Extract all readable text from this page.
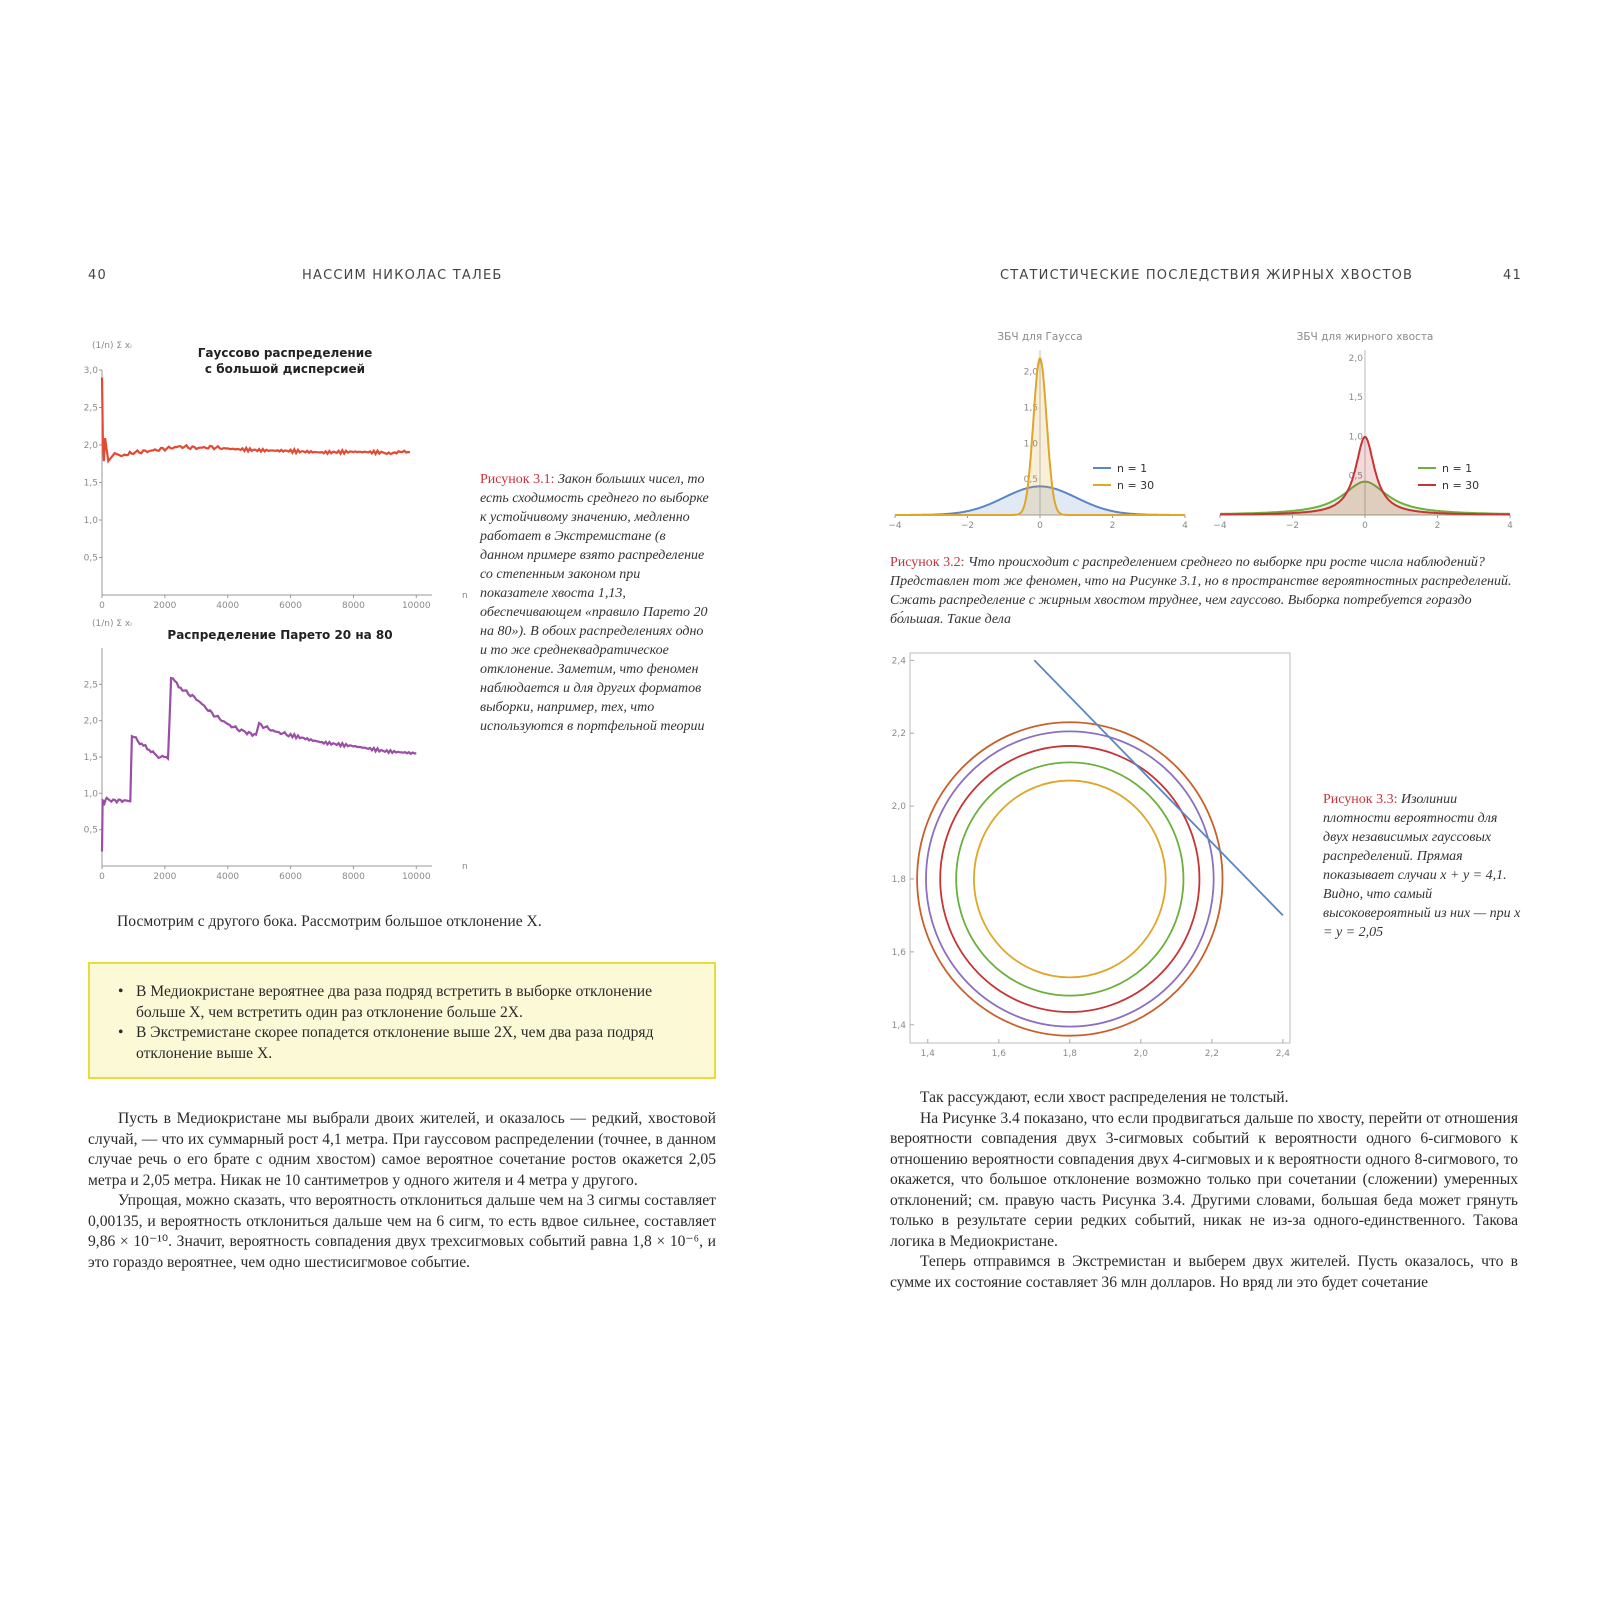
40	НАССИМ НИКОЛАС ТАЛЕБ
Гауссово распределение
с большой дисперсией
Распределение Парето 20 на 80
0	2000	4000	6000	8000	10000
n
0,5
1,0
1,5
2,0
2,5
3,0
(1/n) Σ xᵢ
0	2000	4000	6000	8000	10000
n
0,5
1,0
1,5
2,0
2,5
(1/n) Σ xᵢ
Рисунок 3.1: Закон больших чисел, то есть сходимость среднего по выборке к устойчивому значению, медленно работает в Экстремистане (в данном примере взято распределение со степенным законом при показателе хвоста 1,13, обеспечивающем «правило Парето 20 на 80»). В обоих распределениях одно и то же среднеквадратическое отклонение. Заметим, что феномен наблюдается и для других форматов выборки, например, тех, что используются в портфельной теории
Посмотрим с другого бока. Рассмотрим большое отклонение X.
• В Медиокристане вероятнее два раза подряд встретить в выборке отклонение больше X, чем встретить один раз отклонение больше 2X.
• В Экстремистане скорее попадется отклонение выше 2X, чем два раза подряд отклонение выше X.

Пусть в Медиокристане мы выбрали двоих жителей, и оказалось — редкий, хвостовой случай, — что их суммарный рост 4,1 метра. При гауссовом распределении (точнее, в данном случае речь о его брате с одним хвостом) самое вероятное сочетание ростов окажется 2,05 метра и 2,05 метра. Никак не 10 сантиметров у одного жителя и 4 метра у другого.

Упрощая, можно сказать, что вероятность отклониться дальше чем на 3 сигмы составляет 0,00135, и вероятность отклониться дальше чем на 6 сигм, то есть вдвое сильнее, составляет 9,86 × 10⁻¹⁰. Значит, вероятность совпадения двух трехсигмовых событий равна 1,8 × 10⁻⁶, и это гораздо вероятнее, чем одно шестисигмовое событие.

СТАТИСТИЧЕСКИЕ ПОСЛЕДСТВИЯ ЖИРНЫХ ХВОСТОВ	41
ЗБЧ для Гаусса
−4	−2	0	2	4
0,5
1,0
1,5
2,0
n = 1
n = 30
ЗБЧ для жирного хвоста
−4	−2	0	2	4
0,5
1,0
1,5
2,0
n = 1
n = 30
Рисунок 3.2: Что происходит с распределением среднего по выборке при росте числа наблюдений? Представлен тот же феномен, что на Рисунке 3.1, но в пространстве вероятностных распределений. Сжать распределение с жирным хвостом труднее, чем гауссово. Выборка потребуется гораздо бо́льшая. Такие дела
1,4	1,6	1,8	2,0	2,2	2,4
1,4
1,6
1,8
2,0
2,2
2,4
Рисунок 3.3: Изолинии плотности вероятности для двух независимых гауссовых распределений. Прямая показывает случаи x + y = 4,1. Видно, что самый высоковероятный из них — при x = y = 2,05

Так рассуждают, если хвост распределения не толстый.

На Рисунке 3.4 показано, что если продвигаться дальше по хвосту, перейти от отношения вероятности совпадения двух 3-сигмовых событий к вероятности одного 6-сигмового к отношению вероятности совпадения двух 4-сигмовых и к вероятности одного 8-сигмового, то окажется, что большое отклонение возможно только при сочетании (сложении) умеренных отклонений; см. правую часть Рисунка 3.4. Другими словами, большая беда может грянуть только в результате серии редких событий, никак не из-за одного-единственного. Такова логика в Медиокристане.

Теперь отправимся в Экстремистан и выберем двух жителей. Пусть оказалось, что в сумме их состояние составляет 36 млн долларов. Но вряд ли это будет сочетание
